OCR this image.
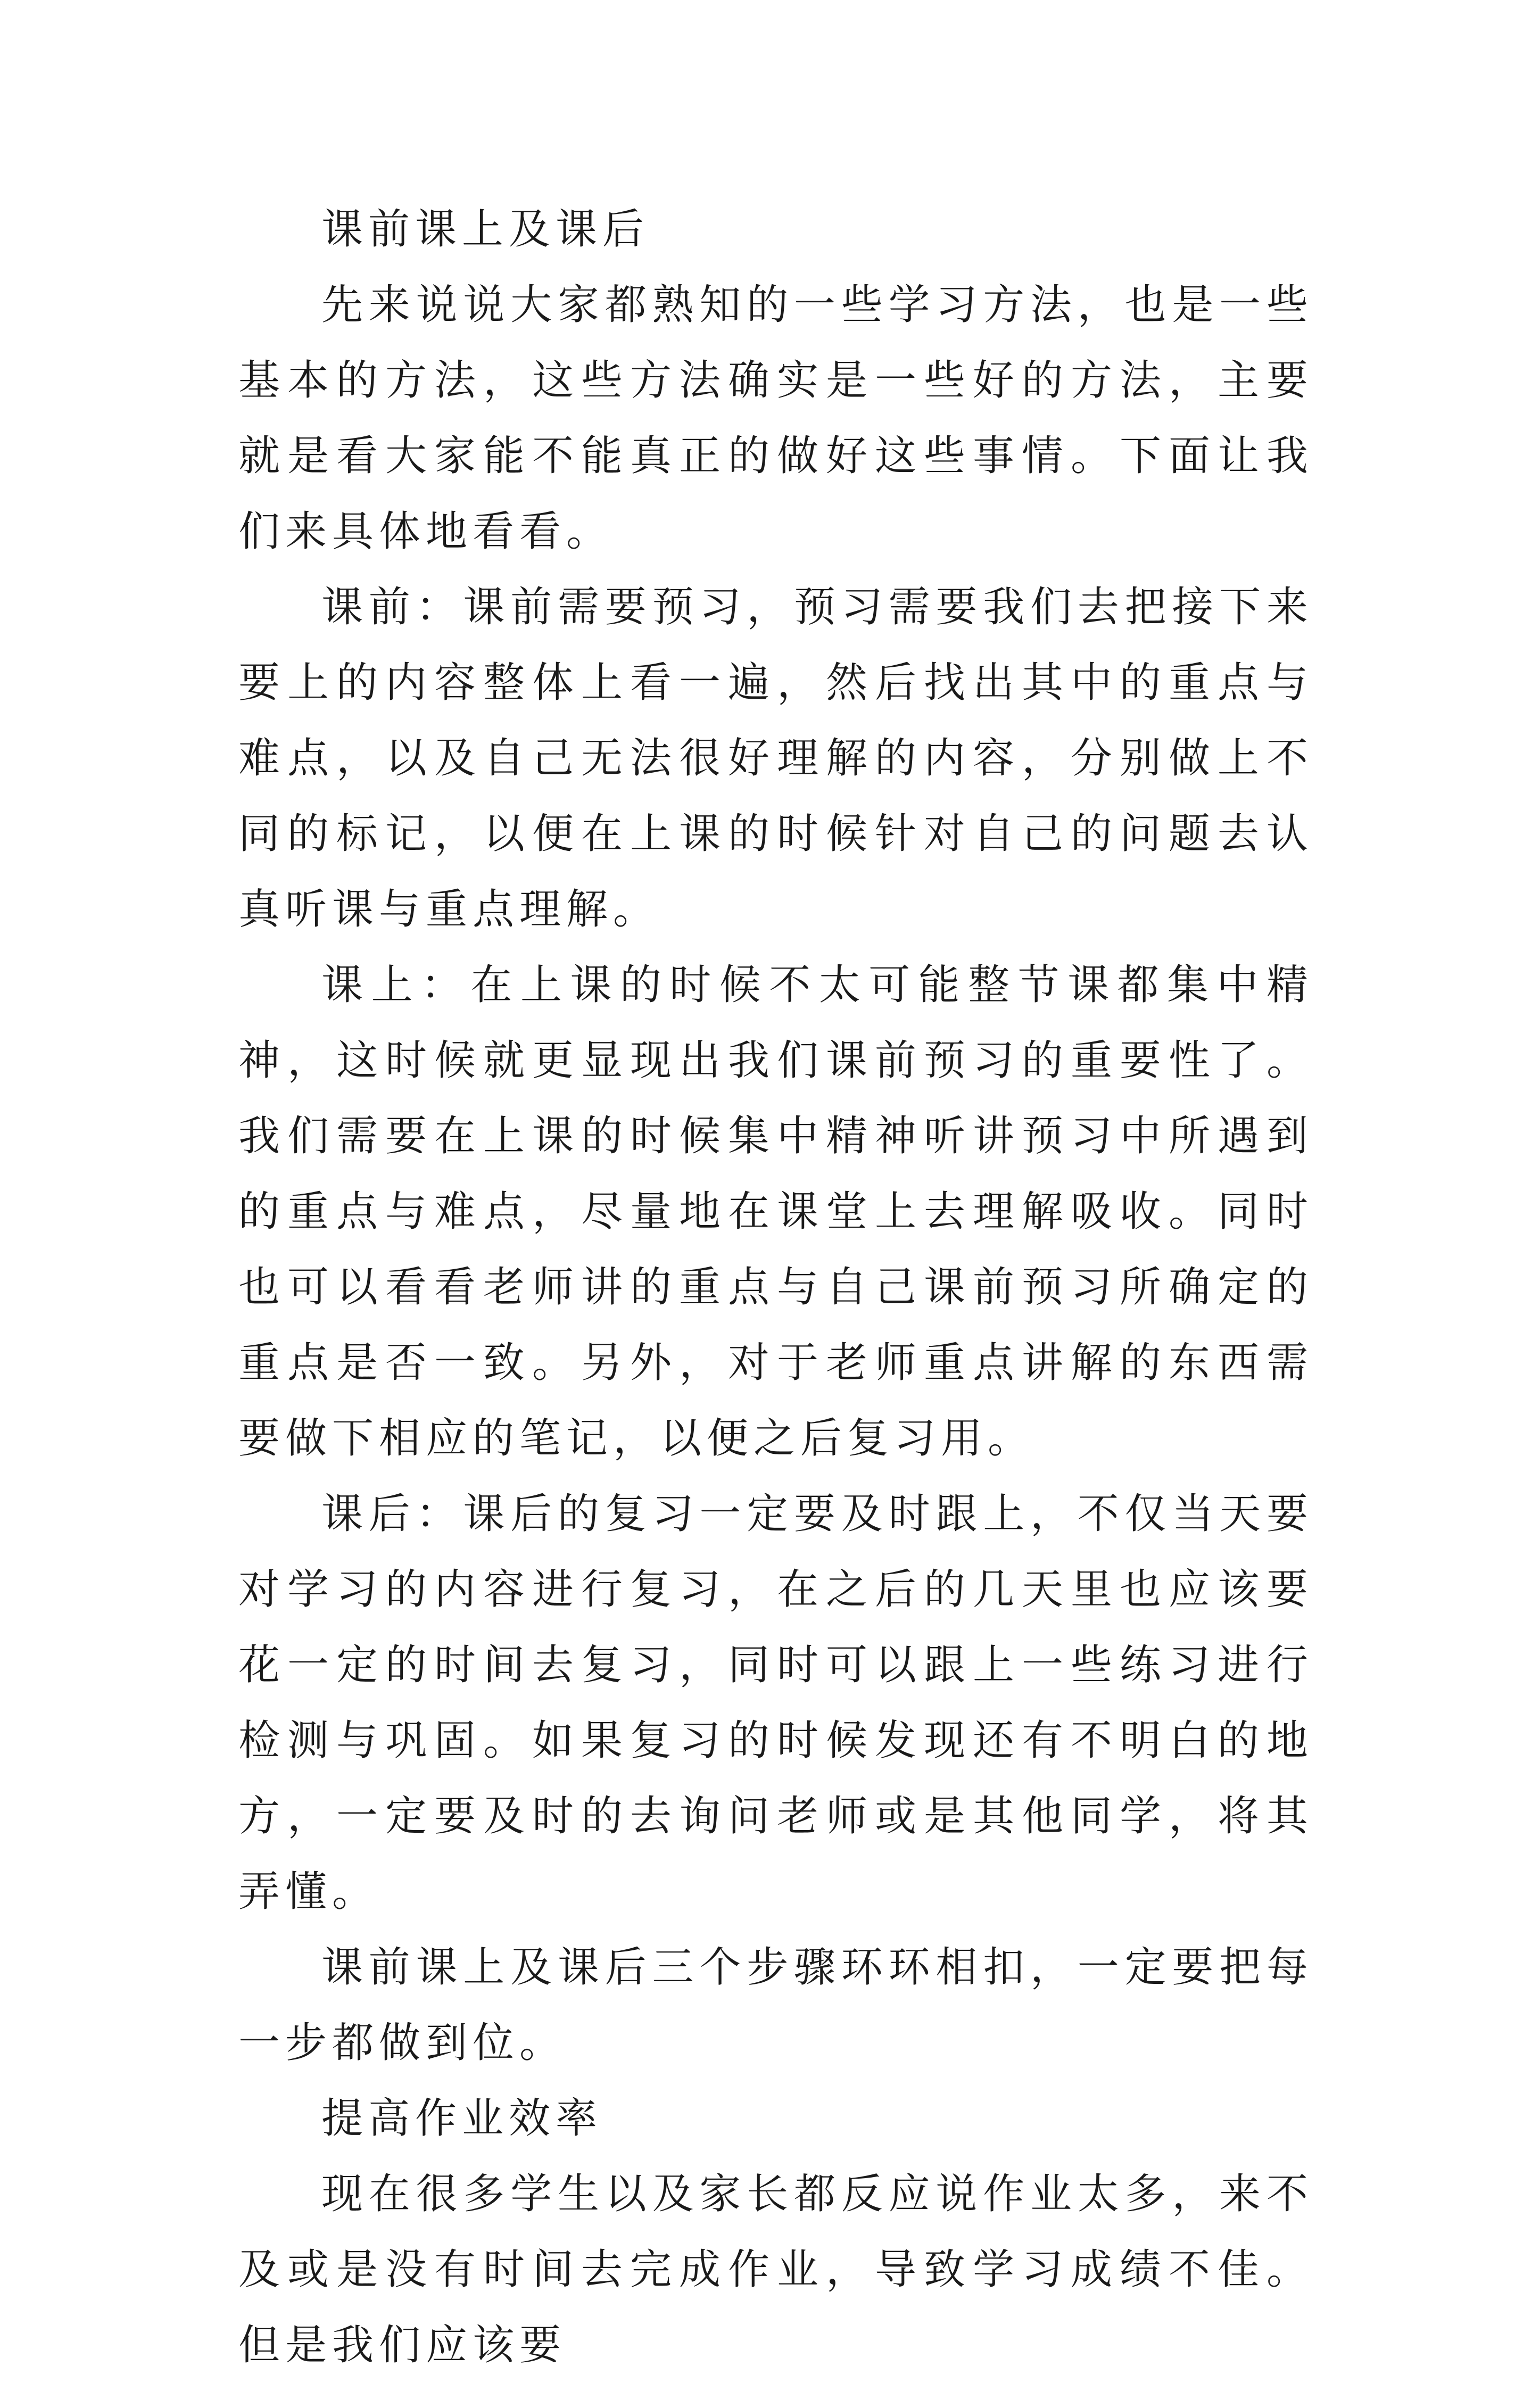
课前课上及课后

先来说说大家都熟知的一些学习方法，也是一些基本的方法，这些方法确实是一些好的方法，主要就是看大家能不能真正的做好这些事情。下面让我们来具体地看看。

课前：课前需要预习，预习需要我们去把接下来要上的内容整体上看一遍，然后找出其中的重点与难点，以及自己无法很好理解的内容，分别做上不同的标记，以便在上课的时候针对自己的问题去认真听课与重点理解。

课上：在上课的时候不太可能整节课都集中精神，这时候就更显现出我们课前预习的重要性了。我们需要在上课的时候集中精神听讲预习中所遇到的重点与难点，尽量地在课堂上去理解吸收。同时也可以看看老师讲的重点与自己课前预习所确定的重点是否一致。另外，对于老师重点讲解的东西需要做下相应的笔记，以便之后复习用。

课后：课后的复习一定要及时跟上，不仅当天要对学习的内容进行复习，在之后的几天里也应该要花一定的时间去复习，同时可以跟上一些练习进行检测与巩固。如果复习的时候发现还有不明白的地方，一定要及时的去询问老师或是其他同学，将其弄懂。

课前课上及课后三个步骤环环相扣，一定要把每一步都做到位。

提高作业效率

现在很多学生以及家长都反应说作业太多，来不及或是没有时间去完成作业，导致学习成绩不佳。但是我们应该要
